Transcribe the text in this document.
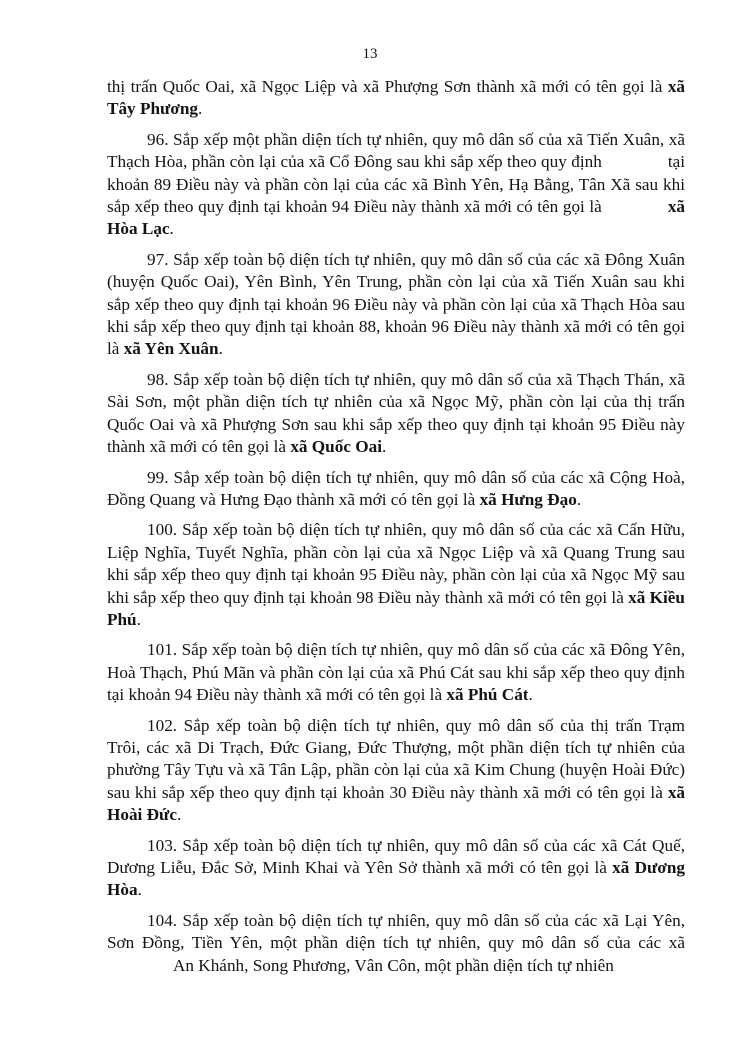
13

thị trấn Quốc Oai, xã Ngọc Liệp và xã Phượng Sơn thành xã mới có tên gọi là xã Tây Phương.

96. Sắp xếp một phần diện tích tự nhiên, quy mô dân số của xã Tiến Xuân, xã Thạch Hòa, phần còn lại của xã Cổ Đông sau khi sắp xếp theo quy định	tại khoản 89 Điều này và phần còn lại của các xã Bình Yên, Hạ Bằng, Tân Xã sau khi sắp xếp theo quy định tại khoản 94 Điều này thành xã mới có tên gọi là	xã Hòa Lạc.

97. Sắp xếp toàn bộ diện tích tự nhiên, quy mô dân số của các xã Đông Xuân (huyện Quốc Oai), Yên Bình, Yên Trung, phần còn lại của xã Tiến Xuân sau khi sắp xếp theo quy định tại khoản 96 Điều này và phần còn lại của xã Thạch Hòa sau khi sắp xếp theo quy định tại khoản 88, khoản 96 Điều này thành xã mới có tên gọi là xã Yên Xuân.

98. Sắp xếp toàn bộ diện tích tự nhiên, quy mô dân số của xã Thạch Thán, xã Sài Sơn, một phần diện tích tự nhiên của xã Ngọc Mỹ, phần còn lại của thị trấn Quốc Oai và xã Phượng Sơn sau khi sắp xếp theo quy định tại khoản 95 Điều này thành xã mới có tên gọi là xã Quốc Oai.

99. Sắp xếp toàn bộ diện tích tự nhiên, quy mô dân số của các xã Cộng Hoà, Đồng Quang và Hưng Đạo thành xã mới có tên gọi là xã Hưng Đạo.

100. Sắp xếp toàn bộ diện tích tự nhiên, quy mô dân số của các xã Cấn Hữu, Liệp Nghĩa, Tuyết Nghĩa, phần còn lại của xã Ngọc Liệp và xã Quang Trung sau khi sắp xếp theo quy định tại khoản 95 Điều này, phần còn lại của xã Ngọc Mỹ sau khi sắp xếp theo quy định tại khoản 98 Điều này thành xã mới có tên gọi là xã Kiều Phú.

101. Sắp xếp toàn bộ diện tích tự nhiên, quy mô dân số của các xã Đông Yên, Hoà Thạch, Phú Mãn và phần còn lại của xã Phú Cát sau khi sắp xếp theo quy định tại khoản 94 Điều này thành xã mới có tên gọi là xã Phú Cát.

102. Sắp xếp toàn bộ diện tích tự nhiên, quy mô dân số của thị trấn Trạm Trôi, các xã Di Trạch, Đức Giang, Đức Thượng, một phần diện tích tự nhiên của phường Tây Tựu và xã Tân Lập, phần còn lại của xã Kim Chung (huyện Hoài Đức) sau khi sắp xếp theo quy định tại khoản 30 Điều này thành xã mới có tên gọi là xã Hoài Đức.

103. Sắp xếp toàn bộ diện tích tự nhiên, quy mô dân số của các xã Cát Quế, Dương Liễu, Đắc Sở, Minh Khai và Yên Sở thành xã mới có tên gọi là xã Dương Hòa.

104. Sắp xếp toàn bộ diện tích tự nhiên, quy mô dân số của các xã Lại Yên, Sơn Đồng, Tiền Yên, một phần diện tích tự nhiên, quy mô dân số của các xãAn Khánh, Song Phương, Vân Côn, một phần diện tích tự nhiên
